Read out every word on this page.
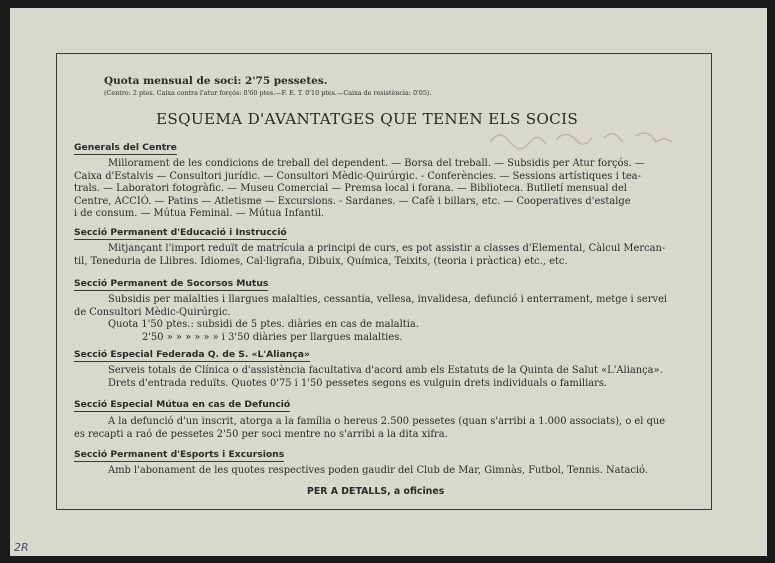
Quota mensual de soci: 2'75 pessetes.
(Centre: 2 ptes. Caixa contra l'atur forçós: 0'60 ptes.—F. E. T. 0'10 ptes.—Caixa de resistència: 0'05).
ESQUEMA D'AVANTATGES QUE TENEN ELS SOCIS
Generals del Centre
Millorament de les condicions de treball del dependent. — Borsa del treball. — Subsidis per Atur forçós. —
Caixa d'Estalvis — Consultori jurídic. — Consultori Mèdic-Quirúrgic. - Conferències. — Sessions artístiques i tea-
trals. — Laboratori fotogràfic. — Museu Comercial — Premsa local i forana. — Biblioteca. Butlletí mensual del
Centre, ACCIÓ. — Patins — Atletisme — Excursions. - Sardanes. — Cafè i billars, etc. — Cooperatives d'estalge
i de consum. — Mútua Feminal. — Mútua Infantil.
Secció Permanent d'Educació i Instrucció
Mitjançant l'import reduït de matrícula a principi de curs, es pot assistir a classes d'Elemental, Càlcul Mercan-
til, Teneduria de Llibres. Idiomes, Cal·ligrafia, Dibuix, Química, Teixits, (teoria i pràctica) etc., etc.
Secció Permanent de Socorsos Mutus
Subsidis per malalties i llargues malalties, cessantia, vellesa, invalidesa, defunció i enterrament, metge i servei
de Consultori Mèdic-Quirúrgic.
Quota 1'50 ptes.: subsidi de 5 ptes. diàries en cas de malaltia.
2'50 » » » » » » i 3'50 diàries per llargues malalties.
Secció Especial Federada Q. de S. «L'Aliança»
Serveis totals de Clínica o d'assistència facultativa d'acord amb els Estatuts de la Quinta de Salut «L'Aliança».
Drets d'entrada reduïts. Quotes 0'75 i 1'50 pessetes segons es vulguin drets individuals o familiars.
Secció Especial Mútua en cas de Defunció
A la defunció d'un inscrit, atorga a la família o hereus 2.500 pessetes (quan s'arribi a 1.000 associats), o el que
es recapti a raó de pessetes 2'50 per soci mentre no s'arribi a la dita xifra.
Secció Permanent d'Esports i Excursions
Amb l'abonament de les quotes respectives poden gaudir del Club de Mar, Gimnàs, Futbol, Tennis. Natació.
PER A DETALLS, a oficines
2R
